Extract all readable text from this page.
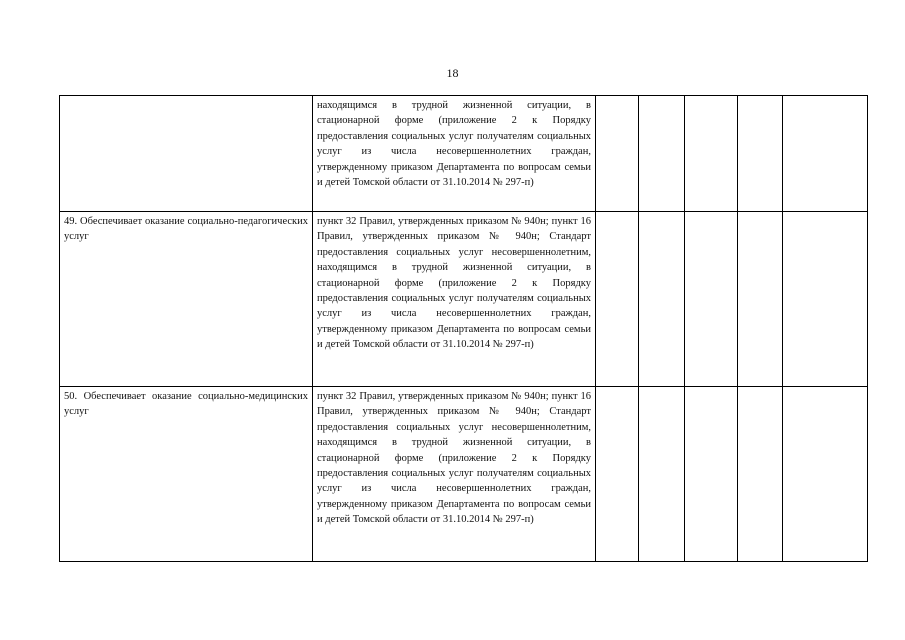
18

	находящимся в трудной жизненной ситуации, в стационарной форме (приложение 2 к Порядку предоставления социальных услуг получателям социальных услуг из числа несовершеннолетних граждан, утвержденному приказом Департамента по вопросам семьи и детей Томской области от 31.10.2014 № 297-п)					

49. Обеспечивает оказание социально-педагогических услуг	пункт 32 Правил, утвержденных приказом № 940н; пункт 16 Правил, утвержденных приказом № 940н; Стандарт предоставления социальных услуг несовершеннолетним, находящимся в трудной жизненной ситуации, в стационарной форме (приложение 2 к Порядку предоставления социальных услуг получателям социальных услуг из числа несовершеннолетних граждан, утвержденному приказом Департамента по вопросам семьи и детей Томской области от 31.10.2014 № 297-п)					

50. Обеспечивает оказание социально-медицинских услуг	пункт 32 Правил, утвержденных приказом № 940н; пункт 16 Правил, утвержденных приказом № 940н; Стандарт предоставления социальных услуг несовершеннолетним, находящимся в трудной жизненной ситуации, в стационарной форме (приложение 2 к Порядку предоставления социальных услуг получателям социальных услуг из числа несовершеннолетних граждан, утвержденному приказом Департамента по вопросам семьи и детей Томской области от 31.10.2014 № 297-п)					
